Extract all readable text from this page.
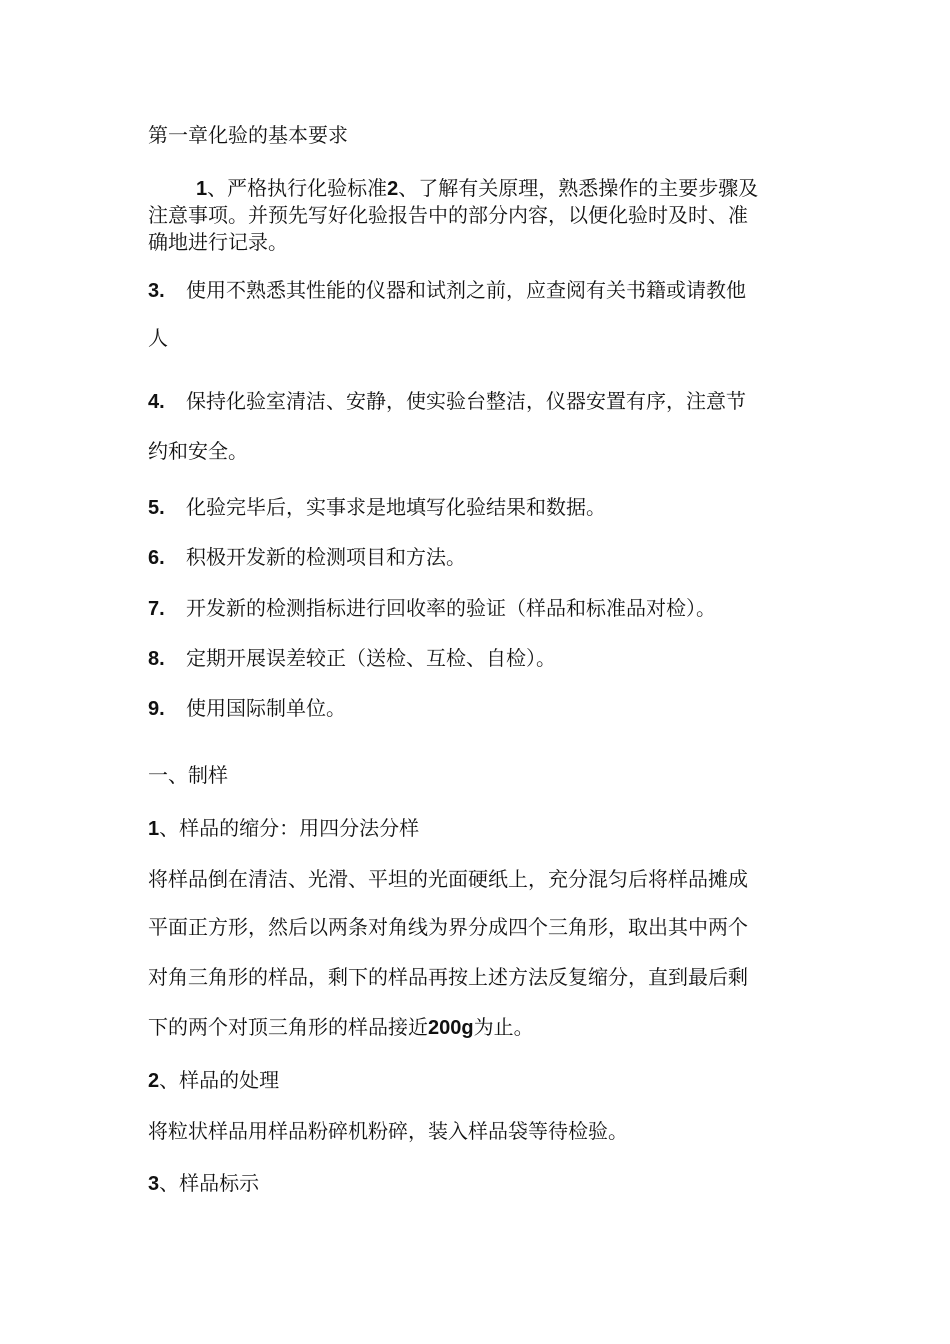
第一章化验的基本要求
1、严格执行化验标准2、了解有关原理，熟悉操作的主要步骤及
注意事项。并预先写好化验报告中的部分内容，以便化验时及时、准
确地进行记录。
3. 使用不熟悉其性能的仪器和试剂之前，应查阅有关书籍或请教他
人
4. 保持化验室清洁、安静，使实验台整洁，仪器安置有序，注意节
约和安全。
5. 化验完毕后，实事求是地填写化验结果和数据。
6. 积极开发新的检测项目和方法。
7. 开发新的检测指标进行回收率的验证（样品和标准品对检）。
8. 定期开展误差较正（送检、互检、自检）。
9. 使用国际制单位。
一、制样
1、样品的缩分：用四分法分样
将样品倒在清洁、光滑、平坦的光面硬纸上，充分混匀后将样品摊成
平面正方形，然后以两条对角线为界分成四个三角形，取出其中两个
对角三角形的样品，剩下的样品再按上述方法反复缩分，直到最后剩
下的两个对顶三角形的样品接近200g为止。
2、样品的处理
将粒状样品用样品粉碎机粉碎，装入样品袋等待检验。
3、样品标示
